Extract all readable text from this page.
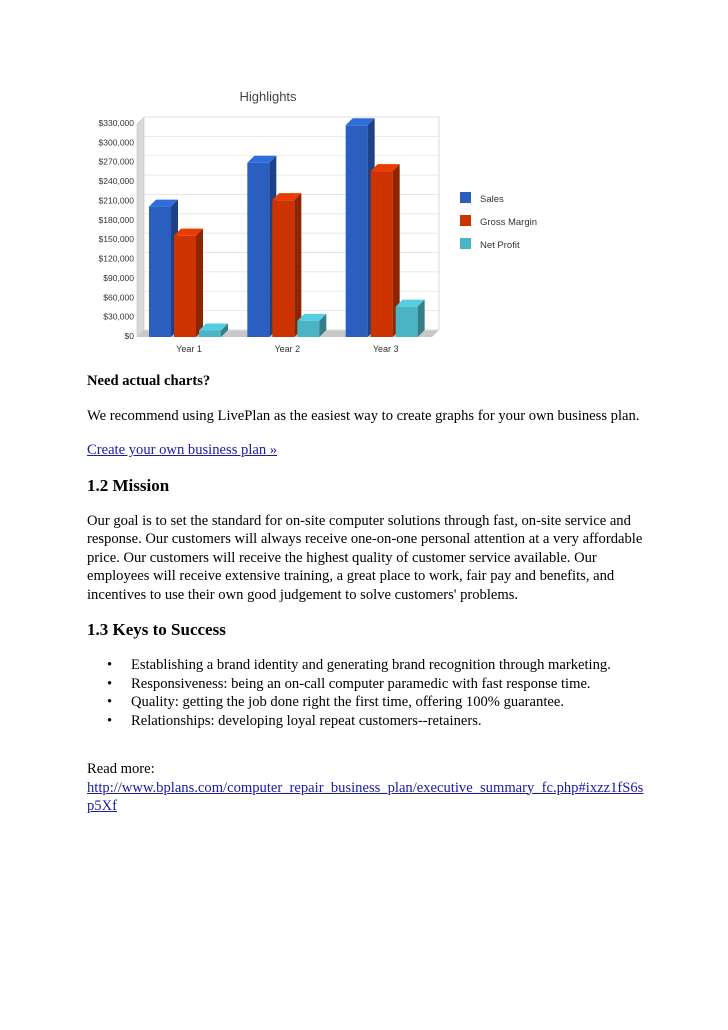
Highlights
$0
$30,000
$60,000
$90,000
$120,000
$150,000
$180,000
$210,000
$240,000
$270,000
$300,000
$330,000
Year 1	Year 2	Year 3
Sales
Gross Margin
Net Profit
Need actual charts?
We recommend using LivePlan as the easiest way to create graphs for your own business plan.
Create your own business plan »
1.2 Mission
Our goal is to set the standard for on-site computer solutions through fast, on-site service and response. Our customers will always receive one-on-one personal attention at a very affordable price. Our customers will receive the highest quality of customer service available. Our employees will receive extensive training, a great place to work, fair pay and benefits, and incentives to use their own good judgement to solve customers' problems.
1.3 Keys to Success
• Establishing a brand identity and generating brand recognition through marketing.
• Responsiveness: being an on-call computer paramedic with fast response time.
• Quality: getting the job done right the first time, offering 100% guarantee.
• Relationships: developing loyal repeat customers--retainers.
Read more:
http://www.bplans.com/computer_repair_business_plan/executive_summary_fc.php#ixzz1fS6sp5Xf
